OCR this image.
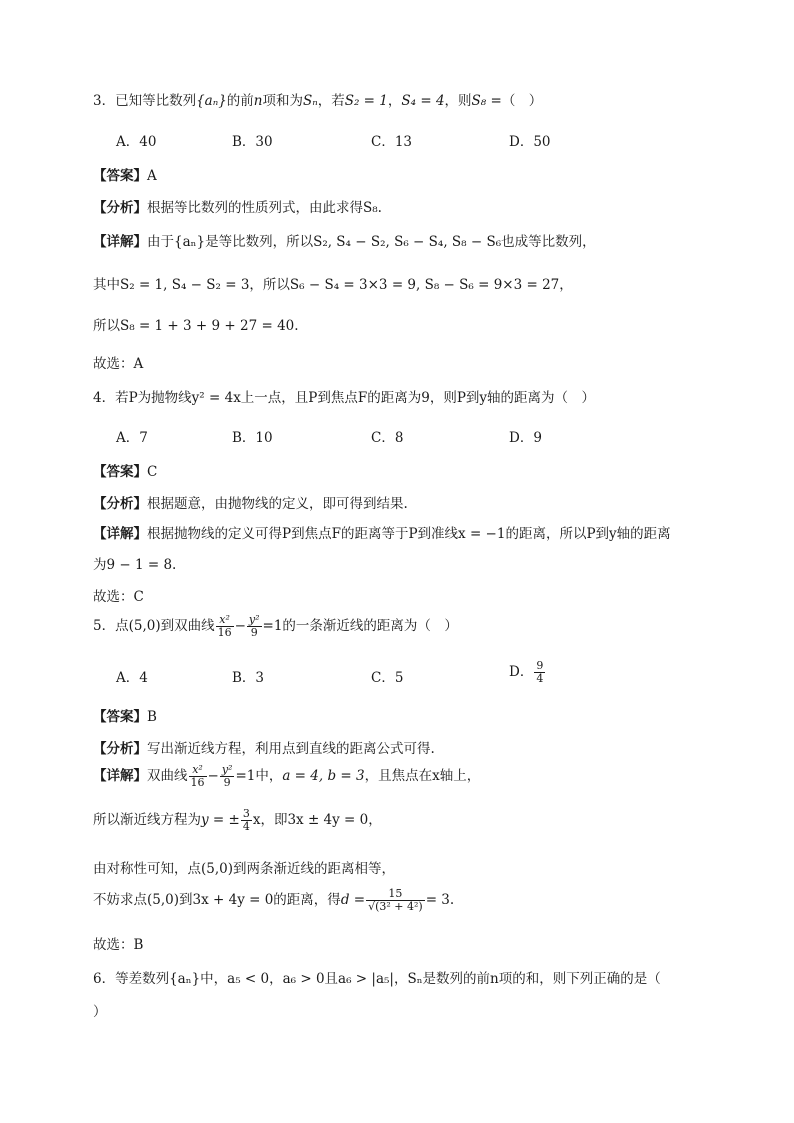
3．已知等比数列{aₙ}的前n项和为Sₙ，若S₂ = 1，S₄ = 4，则S₈ =（　）
A．40	B．30	C．13	D．50
【答案】A
【分析】根据等比数列的性质列式，由此求得S₈.
【详解】由于{aₙ}是等比数列，所以S₂, S₄ − S₂, S₆ − S₄, S₈ − S₆也成等比数列，
其中S₂ = 1, S₄ − S₂ = 3，所以S₆ − S₄ = 3×3 = 9, S₈ − S₆ = 9×3 = 27，
所以S₈ = 1 + 3 + 9 + 27 = 40.
故选：A
4．若P为抛物线y² = 4x上一点，且P到焦点F的距离为9，则P到y轴的距离为（　）
A．7	B．10	C．8	D．9
【答案】C
【分析】根据题意，由抛物线的定义，即可得到结果.
【详解】根据抛物线的定义可得P到焦点F的距离等于P到准线x = −1的距离，所以P到y轴的距离
为9 − 1 = 8.
故选：C
5．点(5,0)到双曲线 $\frac{\text{x²}}{16} - \frac{\text{y²}}{9} =1$的一条渐近线的距离为（　）
A．4	B．3	C．5	D． $\frac{9}{4}$
【答案】B
【分析】写出渐近线方程，利用点到直线的距离公式可得.
【详解】双曲线 $\frac{\text{x²}}{16} - \frac{\text{y²}}{9} =1$中，a = 4, b = 3，且焦点在x轴上，
所以渐近线方程为y = ± $\frac{3}{4}$ x，即3x ± 4y = 0，
由对称性可知，点(5,0)到两条渐近线的距离相等，
不妨求点(5,0)到3x + 4y = 0的距离，得$d = \frac{15}{\text{√(3² + 4²)}} = 3$.
故选：B
6．等差数列{aₙ}中，a₅ < 0，a₆ > 0且a₆ > |a₅|，Sₙ是数列的前n项的和，则下列正确的是（
）
